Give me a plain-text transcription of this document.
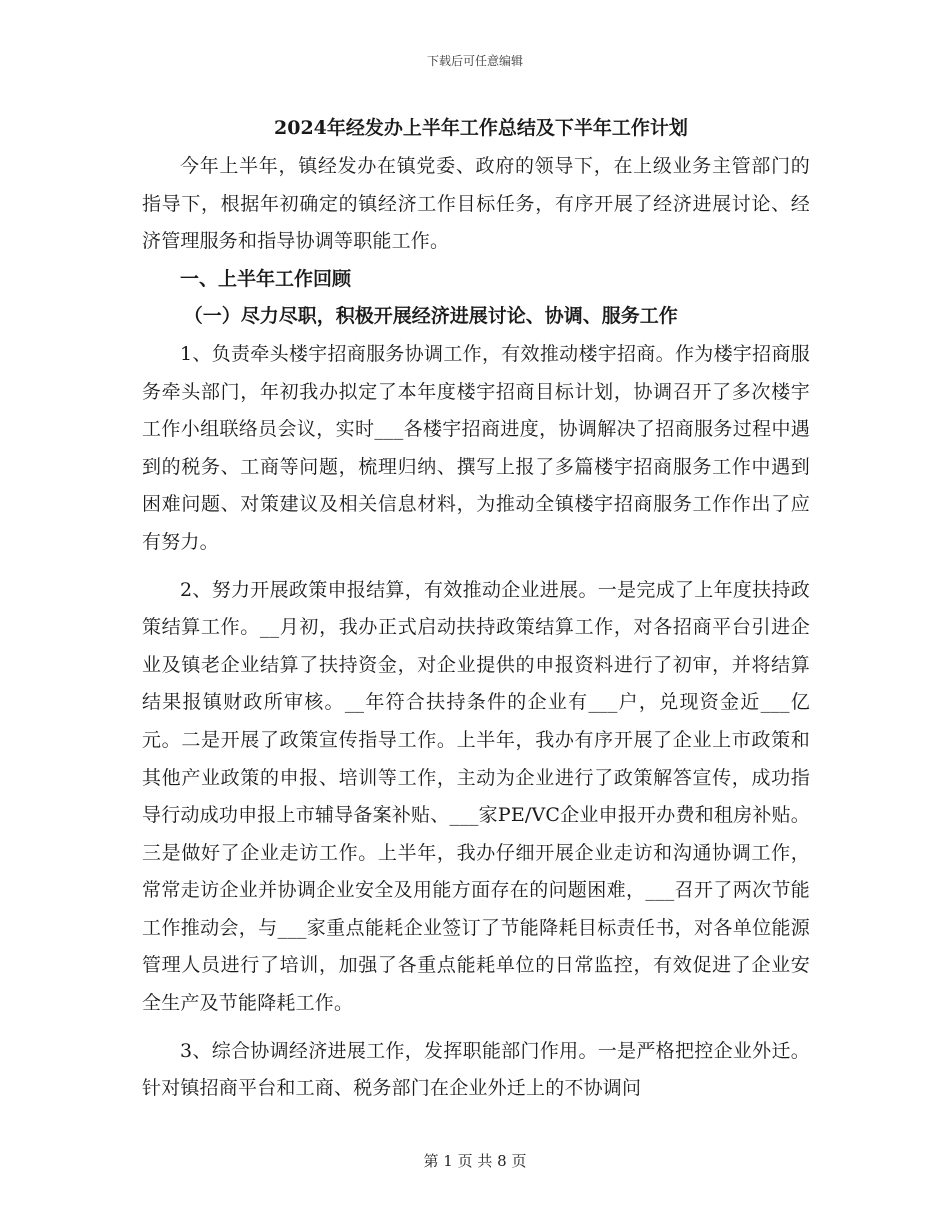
下载后可任意编辑
2024年经发办上半年工作总结及下半年工作计划

今年上半年，镇经发办在镇党委、政府的领导下，在上级业务主管部门的指导下，根据年初确定的镇经济工作目标任务，有序开展了经济进展讨论、经济管理服务和指导协调等职能工作。

一、上半年工作回顾

（一）尽力尽职，积极开展经济进展讨论、协调、服务工作

1、负责牵头楼宇招商服务协调工作，有效推动楼宇招商。作为楼宇招商服务牵头部门，年初我办拟定了本年度楼宇招商目标计划，协调召开了多次楼宇工作小组联络员会议，实时___各楼宇招商进度，协调解决了招商服务过程中遇到的税务、工商等问题，梳理归纳、撰写上报了多篇楼宇招商服务工作中遇到困难问题、对策建议及相关信息材料，为推动全镇楼宇招商服务工作作出了应有努力。

2、努力开展政策申报结算，有效推动企业进展。一是完成了上年度扶持政策结算工作。__月初，我办正式启动扶持政策结算工作，对各招商平台引进企业及镇老企业结算了扶持资金，对企业提供的申报资料进行了初审，并将结算结果报镇财政所审核。__年符合扶持条件的企业有___户，兑现资金近___亿元。二是开展了政策宣传指导工作。上半年，我办有序开展了企业上市政策和其他产业政策的申报、培训等工作，主动为企业进行了政策解答宣传，成功指导行动成功申报上市辅导备案补贴、___家PE/VC企业申报开办费和租房补贴。三是做好了企业走访工作。上半年，我办仔细开展企业走访和沟通协调工作，常常走访企业并协调企业安全及用能方面存在的问题困难，___召开了两次节能工作推动会，与___家重点能耗企业签订了节能降耗目标责任书，对各单位能源管理人员进行了培训，加强了各重点能耗单位的日常监控，有效促进了企业安全生产及节能降耗工作。

3、综合协调经济进展工作，发挥职能部门作用。一是严格把控企业外迁。针对镇招商平台和工商、税务部门在企业外迁上的不协调问

第 1 页 共 8 页
